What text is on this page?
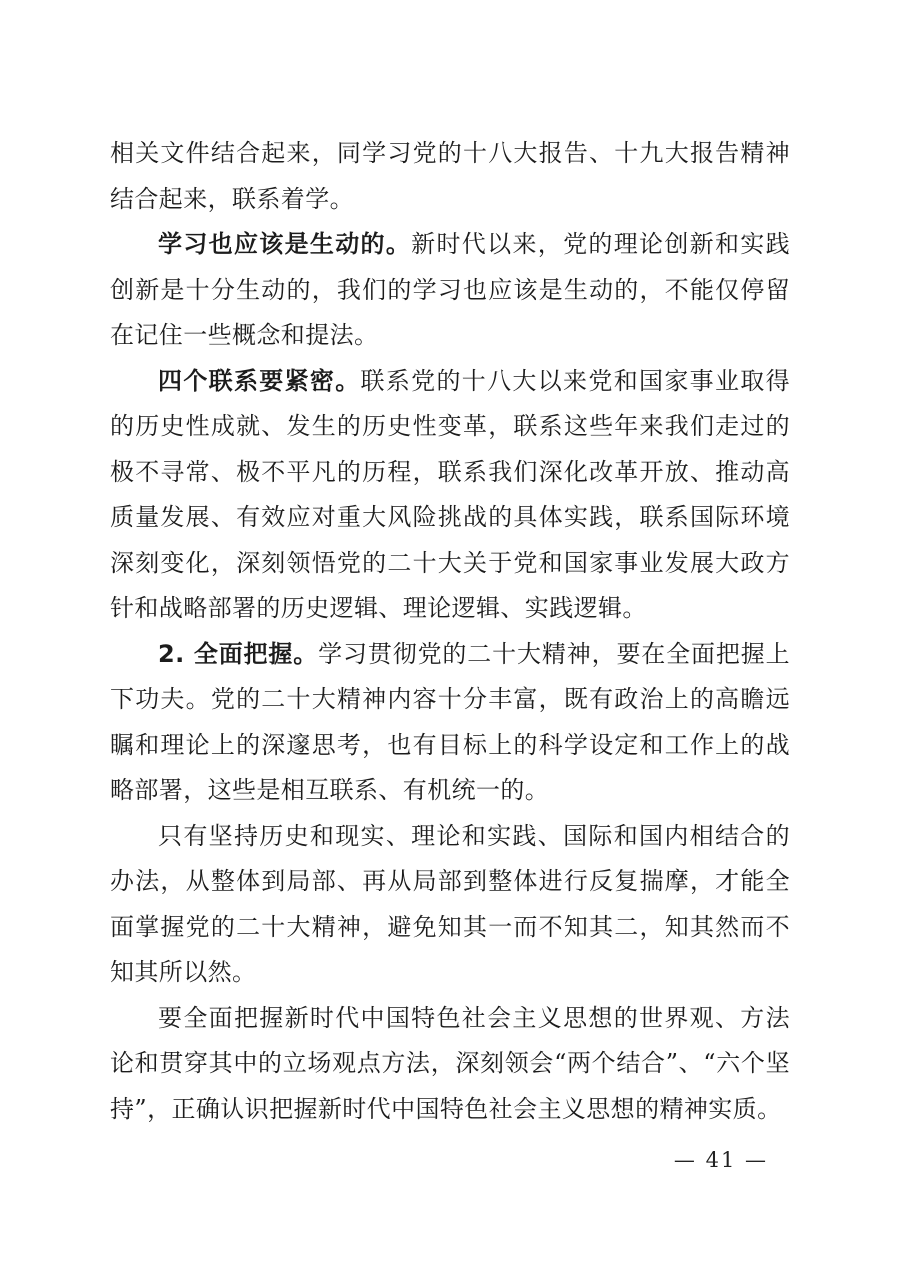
相关文件结合起来，同学习党的十八大报告、十九大报告精神结合起来，联系着学。

学习也应该是生动的。新时代以来，党的理论创新和实践创新是十分生动的，我们的学习也应该是生动的，不能仅停留在记住一些概念和提法。

四个联系要紧密。联系党的十八大以来党和国家事业取得的历史性成就、发生的历史性变革，联系这些年来我们走过的极不寻常、极不平凡的历程，联系我们深化改革开放、推动高质量发展、有效应对重大风险挑战的具体实践，联系国际环境深刻变化，深刻领悟党的二十大关于党和国家事业发展大政方针和战略部署的历史逻辑、理论逻辑、实践逻辑。

2. 全面把握。学习贯彻党的二十大精神，要在全面把握上下功夫。党的二十大精神内容十分丰富，既有政治上的高瞻远瞩和理论上的深邃思考，也有目标上的科学设定和工作上的战略部署，这些是相互联系、有机统一的。

只有坚持历史和现实、理论和实践、国际和国内相结合的办法，从整体到局部、再从局部到整体进行反复揣摩，才能全面掌握党的二十大精神，避免知其一而不知其二，知其然而不知其所以然。

要全面把握新时代中国特色社会主义思想的世界观、方法论和贯穿其中的立场观点方法，深刻领会“两个结合”、“六个坚持”，正确认识把握新时代中国特色社会主义思想的精神实质。

— 41 —
